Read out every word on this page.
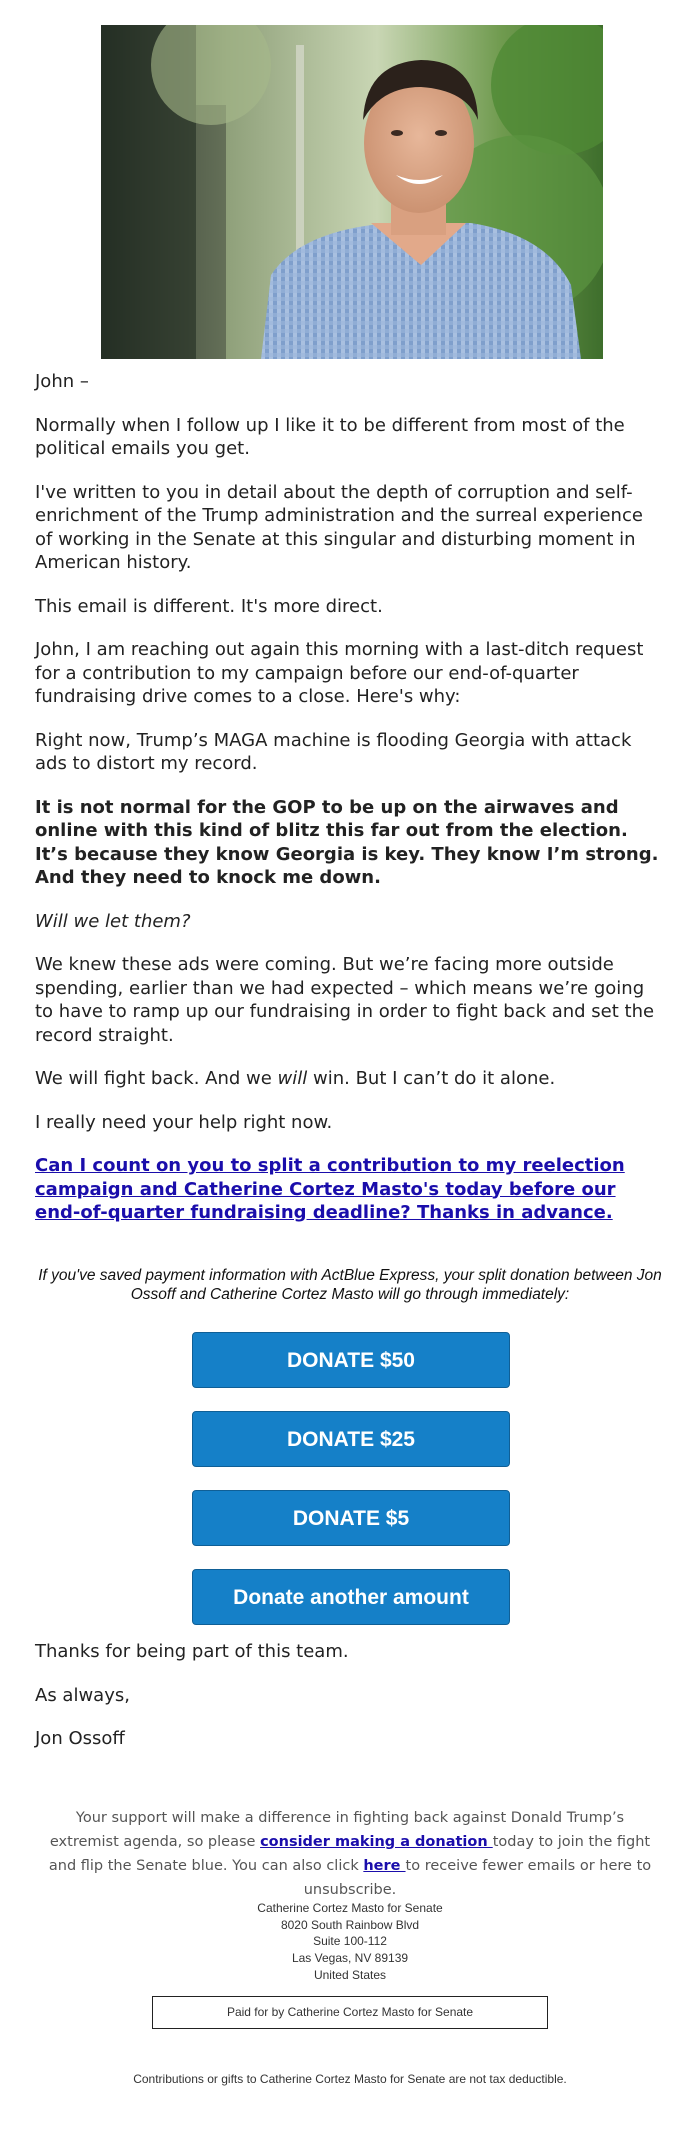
John –

Normally when I follow up I like it to be different from most of the political emails you get.

I've written to you in detail about the depth of corruption and self-enrichment of the Trump administration and the surreal experience of working in the Senate at this singular and disturbing moment in American history.

This email is different. It's more direct.

John, I am reaching out again this morning with a last-ditch request for a contribution to my campaign before our end-of-quarter fundraising drive comes to a close. Here's why:

Right now, Trump’s MAGA machine is flooding Georgia with attack ads to distort my record.

It is not normal for the GOP to be up on the airwaves and online with this kind of blitz this far out from the election. It’s because they know Georgia is key. They know I’m strong. And they need to knock me down.

Will we let them?

We knew these ads were coming. But we’re facing more outside spending, earlier than we had expected – which means we’re going to have to ramp up our fundraising in order to fight back and set the record straight.

We will fight back. And we will win. But I can’t do it alone.

I really need your help right now.

Can I count on you to split a contribution to my reelection campaign and Catherine Cortez Masto's today before our end-of-quarter fundraising deadline? Thanks in advance.

If you've saved payment information with ActBlue Express, your split donation between Jon Ossoff and Catherine Cortez Masto will go through immediately:
DONATE $50
DONATE $25
DONATE $5
Donate another amount

Thanks for being part of this team.

As always,

Jon Ossoff

Your support will make a difference in fighting back against Donald Trump’s extremist agenda, so please consider making a donation today to join the fight and flip the Senate blue. You can also click here to receive fewer emails or here to unsubscribe.
Catherine Cortez Masto for Senate
8020 South Rainbow Blvd
Suite 100-112
Las Vegas, NV 89139
United States
Paid for by Catherine Cortez Masto for Senate
Contributions or gifts to Catherine Cortez Masto for Senate are not tax deductible.
